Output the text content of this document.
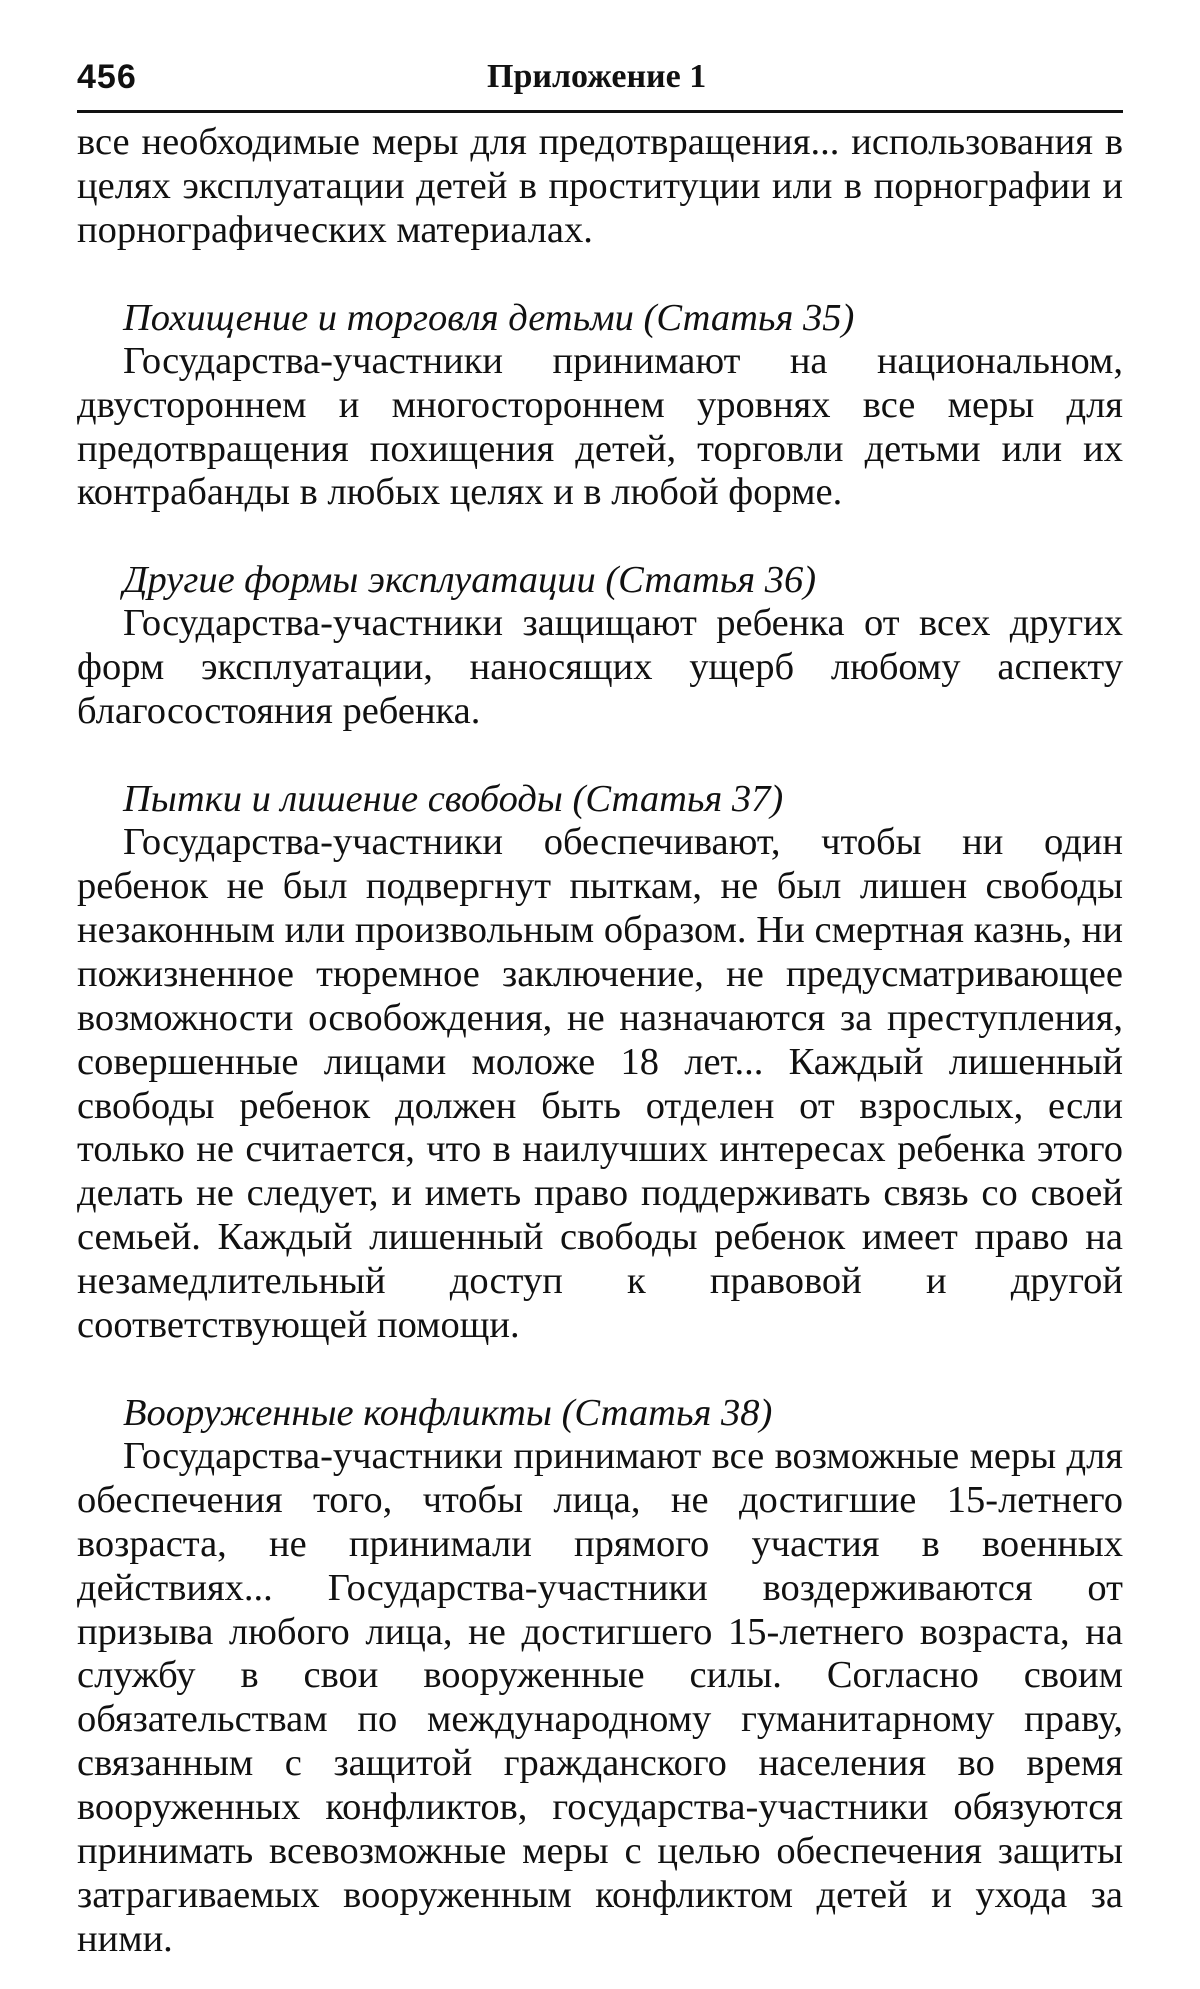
456	Приложение 1

все необходимые меры для предотвращения... использования в целях эксплуатации детей в проституции или в порнографии и порнографических материалах.

Похищение и торговля детьми (Статья 35)

Государства-участники принимают на национальном, двустороннем и многостороннем уровнях все меры для предотвращения похищения детей, торговли детьми или их контрабанды в любых целях и в любой форме.

Другие формы эксплуатации (Статья 36)

Государства-участники защищают ребенка от всех других форм эксплуатации, наносящих ущерб любому аспекту благосостояния ребенка.

Пытки и лишение свободы (Статья 37)

Государства-участники обеспечивают, чтобы ни один ребенок не был подвергнут пыткам, не был лишен свободы незаконным или произвольным образом. Ни смертная казнь, ни пожизненное тюремное заключение, не предусматривающее возможности освобождения, не назначаются за преступления, совершенные лицами моложе 18 лет... Каждый лишенный свободы ребенок должен быть отделен от взрослых, если только не считается, что в наилучших интересах ребенка этого делать не следует, и иметь право поддерживать связь со своей семьей. Каждый лишенный свободы ребенок имеет право на незамедлительный доступ к правовой и другой соответствующей помощи.

Вооруженные конфликты (Статья 38)

Государства-участники принимают все возможные меры для обеспечения того, чтобы лица, не достигшие 15-летнего возраста, не принимали прямого участия в военных действиях... Государства-участники воздерживаются от призыва любого лица, не достигшего 15-летнего возраста, на службу в свои вооруженные силы. Согласно своим обязательствам по международному гуманитарному праву, связанным с защитой гражданского населения во время вооруженных конфликтов, государства-участники обязуются принимать всевозможные меры с целью обеспечения защиты затрагиваемых вооруженным конфликтом детей и ухода за ними.
